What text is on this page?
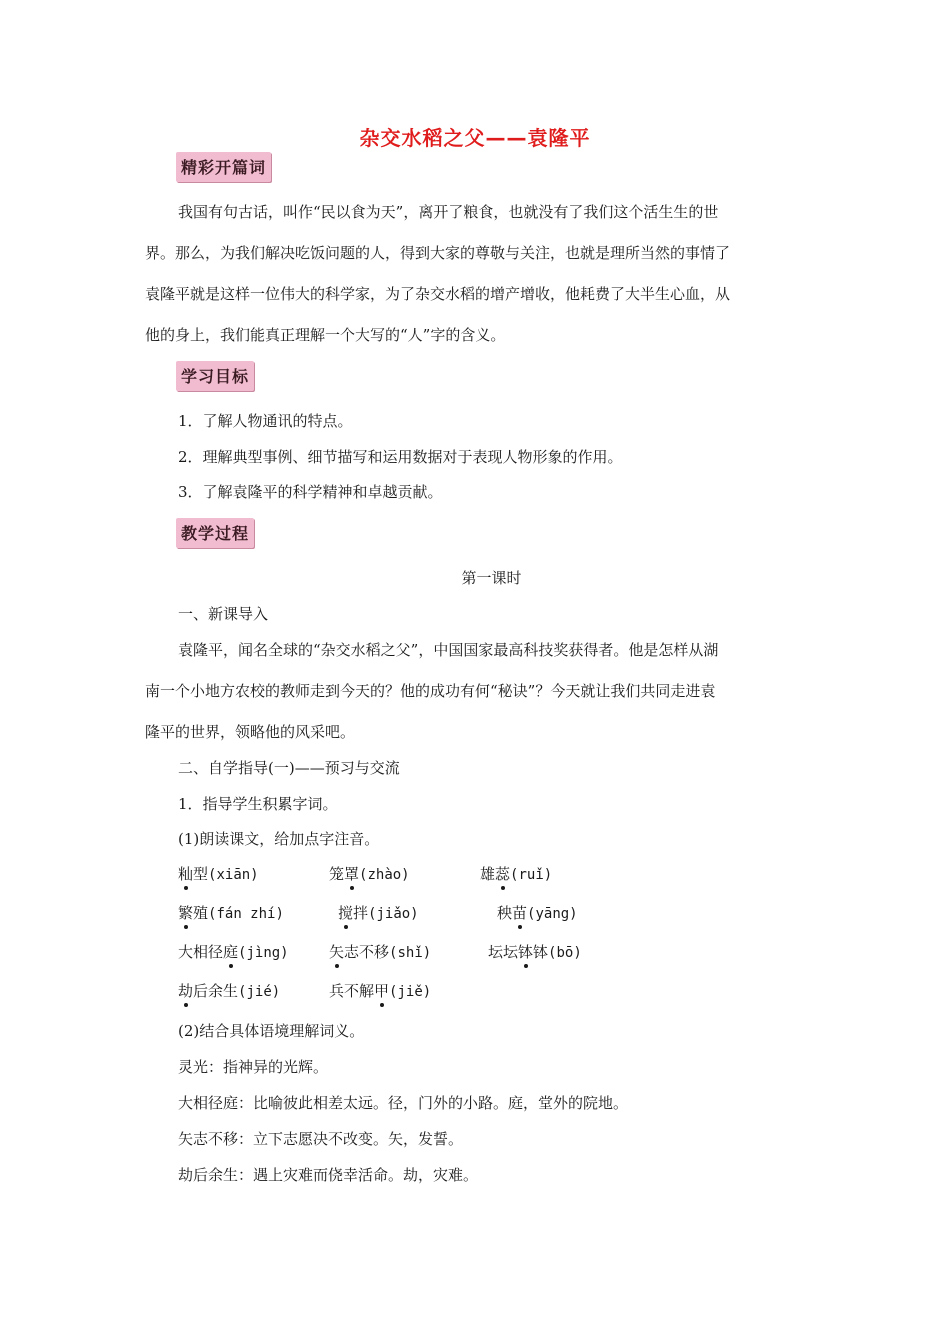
杂交水稻之父——袁隆平
精彩开篇词
我国有句古话，叫作“民以食为天”，离开了粮食，也就没有了我们这个活生生的世
界。那么，为我们解决吃饭问题的人，得到大家的尊敬与关注，也就是理所当然的事情了
袁隆平就是这样一位伟大的科学家，为了杂交水稻的增产增收，他耗费了大半生心血，从
他的身上，我们能真正理解一个大写的“人”字的含义。
学习目标
1．了解人物通讯的特点。
2．理解典型事例、细节描写和运用数据对于表现人物形象的作用。
3．了解袁隆平的科学精神和卓越贡献。
教学过程
第一课时
一、新课导入
袁隆平，闻名全球的“杂交水稻之父”，中国国家最高科技奖获得者。他是怎样从湖
南一个小地方农校的教师走到今天的？他的成功有何“秘诀”？今天就让我们共同走进袁
隆平的世界，领略他的风采吧。
二、自学指导(一)——预习与交流
1．指导学生积累字词。
(1)朗读课文，给加点字注音。
籼型(xiān)	笼罩(zhào)	雄蕊(ruǐ)
繁殖(fán zhí)	搅拌(jiǎo)	秧苗(yāng)
大相径庭(jìng)	矢志不移(shǐ)	坛坛钵钵(bō)
劫后余生(jié)	兵不解甲(jiě)
(2)结合具体语境理解词义。
灵光：指神异的光辉。
大相径庭：比喻彼此相差太远。径，门外的小路。庭，堂外的院地。
矢志不移：立下志愿决不改变。矢，发誓。
劫后余生：遇上灾难而侥幸活命。劫，灾难。
